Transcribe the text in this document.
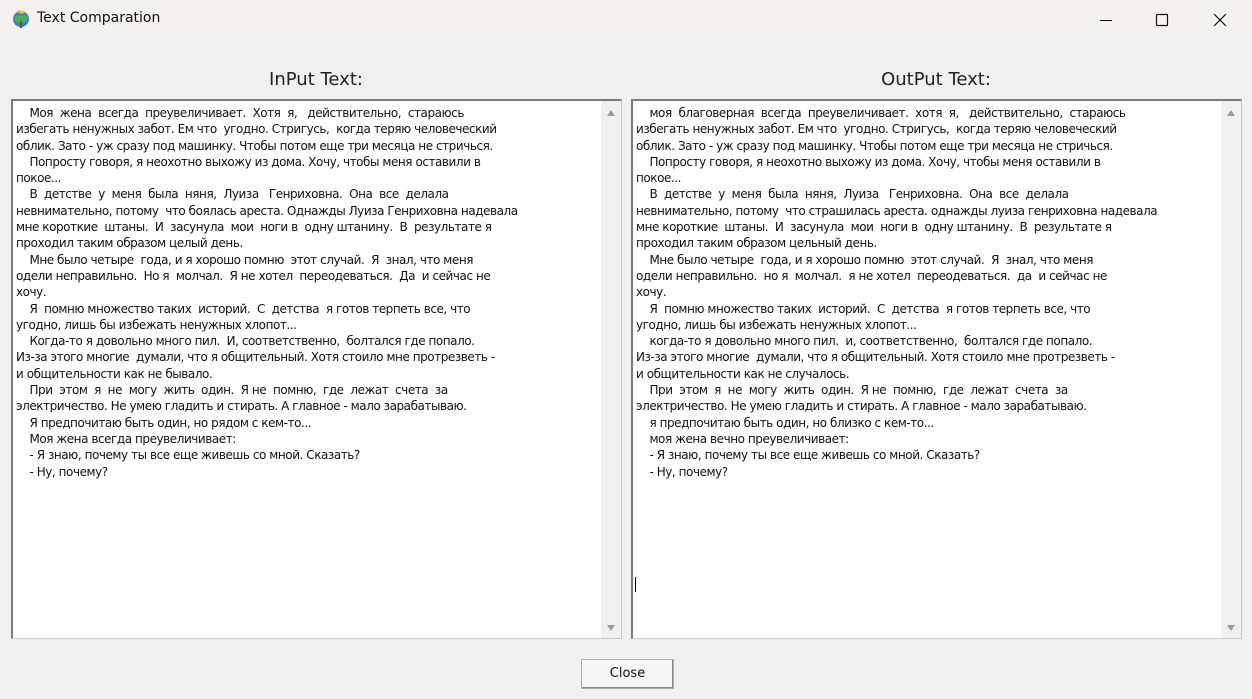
Text Comparation
InPut Text:	OutPut Text:
Моя  жена  всегда  преувеличивает.  Хотя  я,   действительно,  стараюсь
избегать ненужных забот. Ем что  угодно. Стригусь,  когда теряю человеческий
облик. Зато - уж сразу под машинку. Чтобы потом еще три месяца не стричься.
Попросту говоря, я неохотно выхожу из дома. Хочу, чтобы меня оставили в
покое...
В  детстве  у  меня  была  няня,  Луиза   Генриховна.  Она  все  делала
невнимательно, потому  что боялась ареста. Однажды Луиза Генриховна надевала
мне короткие  штаны.  И  засунула  мои  ноги в  одну штанину.  В  результате я
проходил таким образом целый день.
Мне было четыре  года, и я хорошо помню  этот случай.  Я  знал, что меня
одели неправильно.  Но я  молчал.  Я не хотел  переодеваться.  Да  и сейчас не
хочу.
Я  помню множество таких  историй.  С  детства  я готов терпеть все, что
угодно, лишь бы избежать ненужных хлопот...
Когда-то я довольно много пил.  И, соответственно,  болтался где попало.
Из-за этого многие  думали, что я общительный. Хотя стоило мне протрезветь -
и общительности как не бывало.
При  этом  я  не  могу  жить  один.  Я не  помню,  где  лежат  счета  за
электричество. Не умею гладить и стирать. А главное - мало зарабатываю.
Я предпочитаю быть один, но рядом с кем-то...
Моя жена всегда преувеличивает:
- Я знаю, почему ты все еще живешь со мной. Сказать?
- Ну, почему?
моя  благоверная  всегда  преувеличивает.  хотя  я,   действительно,  стараюсь
избегать ненужных забот. Ем что  угодно. Стригусь,  когда теряю человеческий
облик. Зато - уж сразу под машинку. Чтобы потом еще три месяца не стричься.
Попросту говоря, я неохотно выхожу из дома. Хочу, чтобы меня оставили в
покое...
В  детстве  у  меня  была  няня,  Луиза   Генриховна.  Она  все  делала
невнимательно, потому  что страшилась ареста. однажды луиза генриховна надевала
мне короткие  штаны.  И  засунула  мои  ноги в  одну штанину.  В  результате я
проходил таким образом цельный день.
Мне было четыре  года, и я хорошо помню  этот случай.  Я  знал, что меня
одели неправильно.  но я  молчал.  я не хотел  переодеваться.  да  и сейчас не
хочу.
Я  помню множество таких  историй.  С  детства  я готов терпеть все, что
угодно, лишь бы избежать ненужных хлопот...
когда-то я довольно много пил.  и, соответственно,  болтался где попало.
Из-за этого многие  думали, что я общительный. Хотя стоило мне протрезветь -
и общительности как не случалось.
При  этом  я  не  могу  жить  один.  Я не  помню,  где  лежат  счета  за
электричество. Не умею гладить и стирать. А главное - мало зарабатываю.
я предпочитаю быть один, но близко с кем-то...
моя жена вечно преувеличивает:
- Я знаю, почему ты все еще живешь со мной. Сказать?
- Ну, почему?
Close
